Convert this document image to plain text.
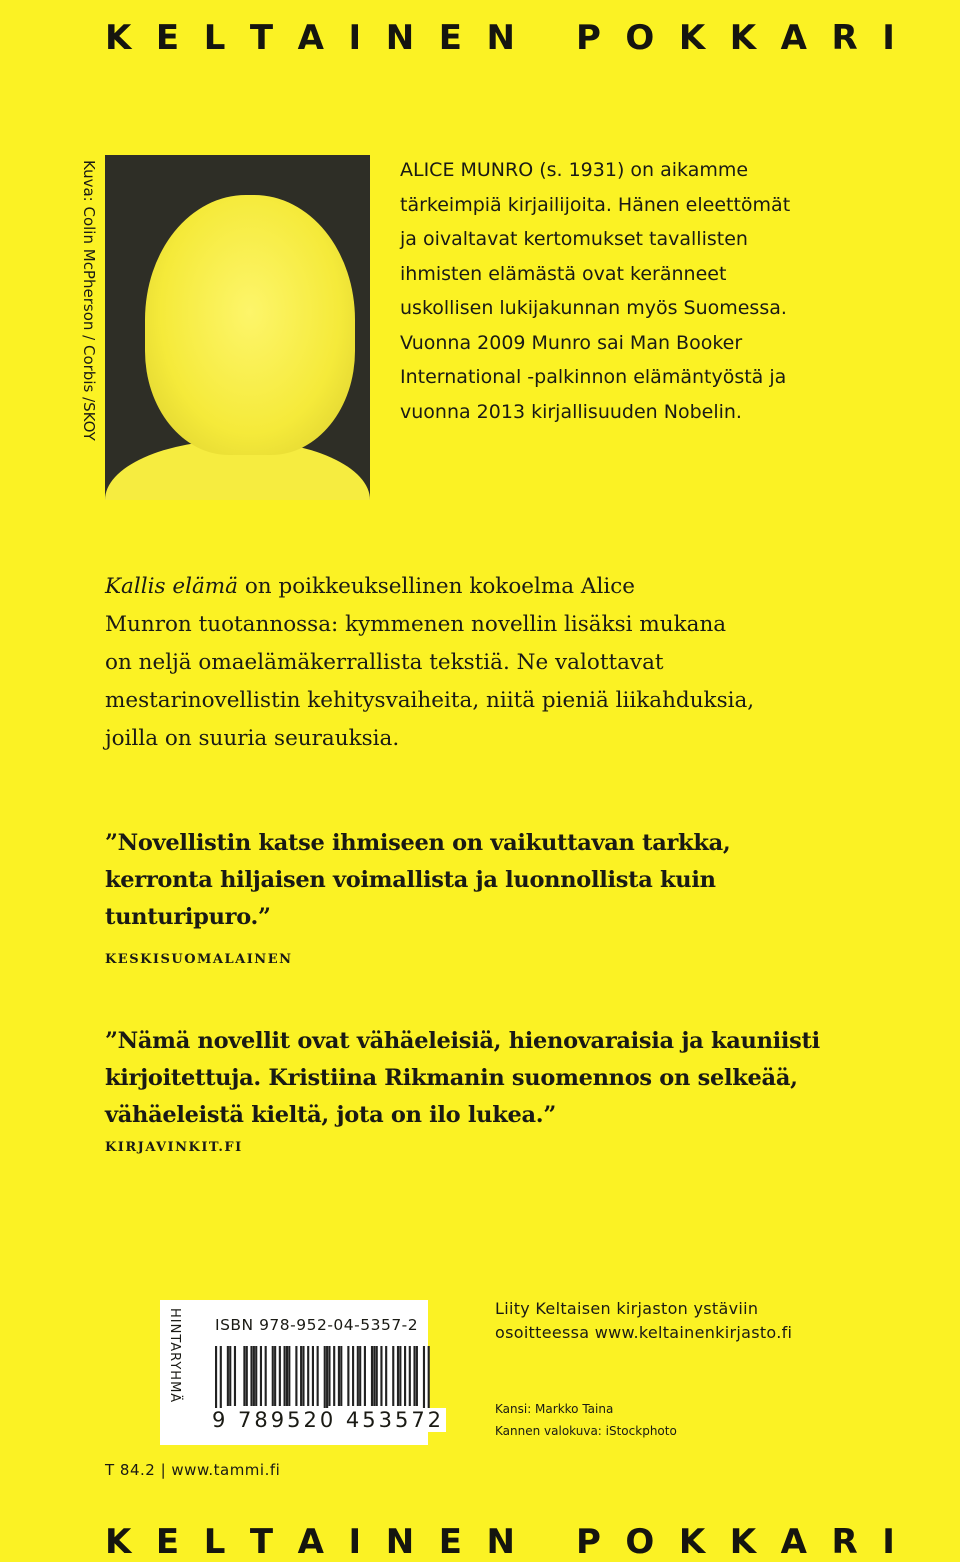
K E L T A I N E N
P O K K A R I
Kuva: Colin McPherson / Corbis /SKOY	ALICE MUNRO (s. 1931) on aikamme
tärkeimpiä kirjailijoita. Hänen eleettömät
ja oivaltavat kertomukset tavallisten
ihmisten elämästä ovat keränneet
uskollisen lukijakunnan myös Suomessa.
Vuonna 2009 Munro sai Man Booker
International -palkinnon elämäntyöstä ja
vuonna 2013 kirjallisuuden Nobelin.
Kallis elämä on poikkeuksellinen kokoelma Alice
Munron tuotannossa: kymmenen novellin lisäksi mukana
on neljä omaelämäkerrallista tekstiä. Ne valottavat
mestarinovellistin kehitysvaiheita, niitä pieniä liikahduksia,
joilla on suuria seurauksia.
”Novellistin katse ihmiseen on vaikuttavan tarkka,
kerronta hiljaisen voimallista ja luonnollista kuin
tunturipuro.”
KESKISUOMALAINEN
”Nämä novellit ovat vähäeleisiä, hienovaraisia ja kauniisti
kirjoitettuja. Kristiina Rikmanin suomennos on selkeää,
vähäeleistä kieltä, jota on ilo lukea.”
KIRJAVINKIT.FI
HINTARYHMÄ ISBN 978-952-04-5357-2
9 789520 453572
Liity Keltaisen kirjaston ystäviin
osoitteessa www.keltainenkirjasto.fi
Kansi: Markko Taina
Kannen valokuva: iStockphoto
T 84.2 | www.tammi.fi
K E L T A I N E N
P O K K A R I
